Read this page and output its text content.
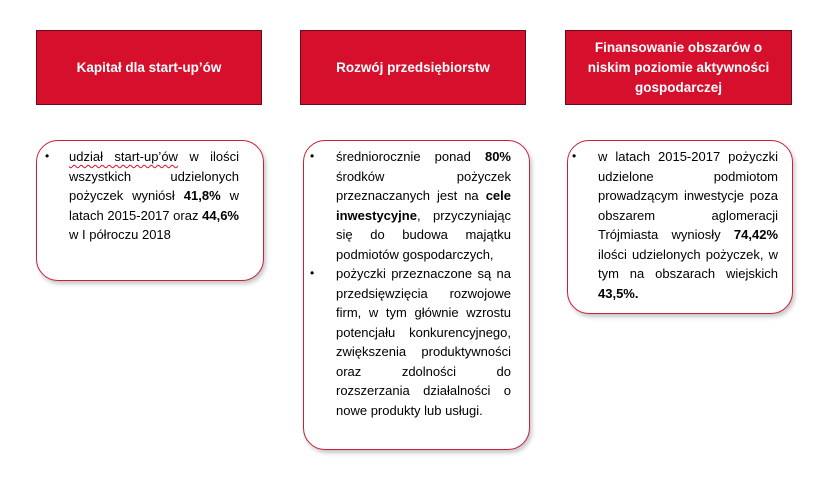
Kapitał dla start-up’ów	Rozwój przedsiębiorstw
Finansowanie obszarów o niskim poziomie aktywności gospodarczej
• udział start-up’ów w ilości wszystkich udzielonych pożyczek wyniósł 41,8% w latach 2015-2017 oraz 44,6% w I półroczu 2018
• średniorocznie ponad 80% środków pożyczek przeznaczanych jest na cele inwestycyjne, przyczyniając się do budowa majątku podmiotów gospodarczych,
• pożyczki przeznaczone są na przedsięwzięcia rozwojowe firm, w tym głównie wzrostu potencjału konkurencyjnego, zwiększenia produktywności oraz zdolności do rozszerzania działalności o nowe produkty lub usługi.
• w latach 2015-2017 pożyczki udzielone podmiotom prowadzącym inwestycje poza obszarem aglomeracji Trójmiasta wyniosły 74,42% ilości udzielonych pożyczek, w tym na obszarach wiejskich 43,5%.
